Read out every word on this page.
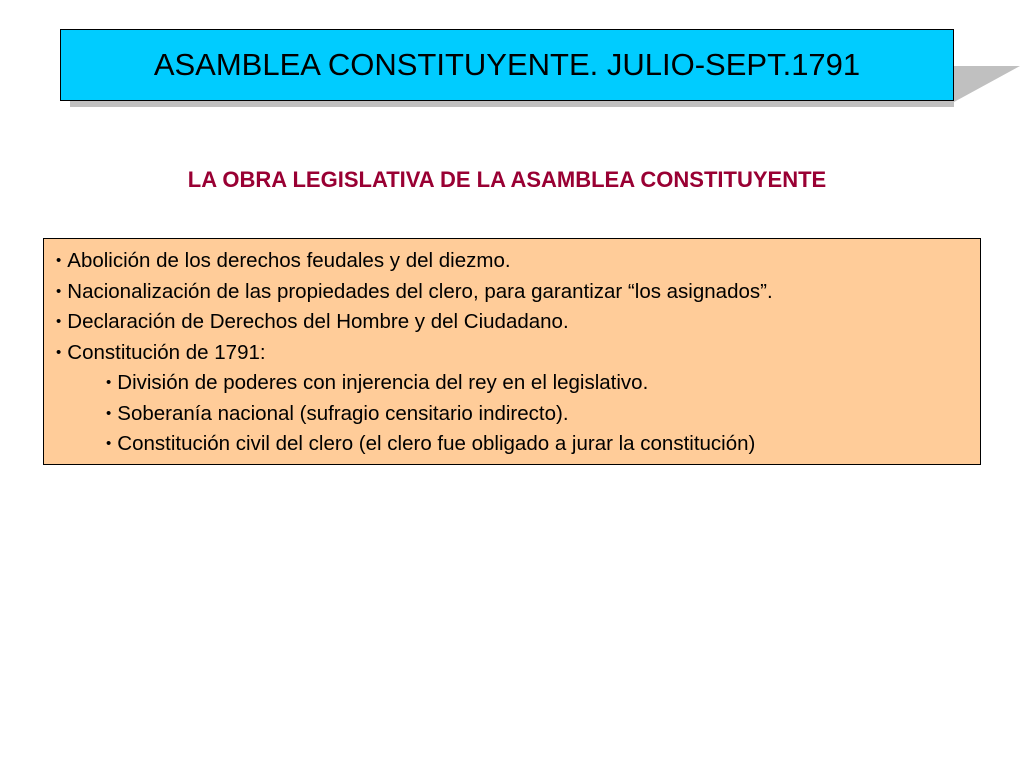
ASAMBLEA CONSTITUYENTE. JULIO-SEPT.1791
LA OBRA LEGISLATIVA DE LA ASAMBLEA CONSTITUYENTE
• Abolición de los derechos feudales y del diezmo.
• Nacionalización de las propiedades del clero, para garantizar “los asignados”.
• Declaración de Derechos del Hombre y del Ciudadano.
• Constitución de 1791:
• División de poderes con injerencia del rey en el legislativo.
• Soberanía nacional (sufragio censitario indirecto).
• Constitución civil del clero (el clero fue obligado a jurar la constitución)
